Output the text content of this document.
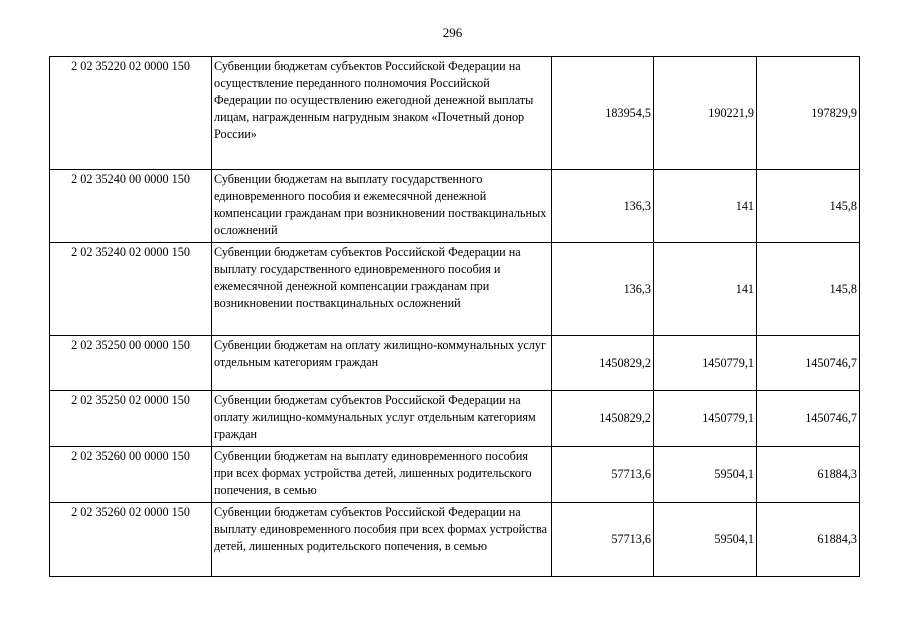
296
2 02 35220 02 0000 150	Субвенции бюджетам субъектов Российской Федерации на осуществление переданного полномочия Российской Федерации по осуществлению ежегодной денежной выплаты лицам, награжденным нагрудным знаком «Почетный донор России»	183954,5	190221,9	197829,9
2 02 35240 00 0000 150	Субвенции бюджетам на выплату государственного единовременного пособия и ежемесячной денежной компенсации гражданам при возникновении поствакцинальных осложнений	136,3	141	145,8
2 02 35240 02 0000 150	Субвенции бюджетам субъектов Российской Федерации на выплату государственного единовременного пособия и ежемесячной денежной компенсации гражданам при возникновении поствакцинальных осложнений	136,3	141	145,8
2 02 35250 00 0000 150	Субвенции бюджетам на оплату жилищно-коммунальных услуг отдельным категориям граждан	1450829,2	1450779,1	1450746,7
2 02 35250 02 0000 150	Субвенции бюджетам субъектов Российской Федерации на оплату жилищно-коммунальных услуг отдельным категориям граждан	1450829,2	1450779,1	1450746,7
2 02 35260 00 0000 150	Субвенции бюджетам на выплату единовременного пособия при всех формах устройства детей, лишенных родительского попечения, в семью	57713,6	59504,1	61884,3
2 02 35260 02 0000 150	Субвенции бюджетам субъектов Российской Федерации на выплату единовременного пособия при всех формах устройства детей, лишенных родительского попечения, в семью	57713,6	59504,1	61884,3
